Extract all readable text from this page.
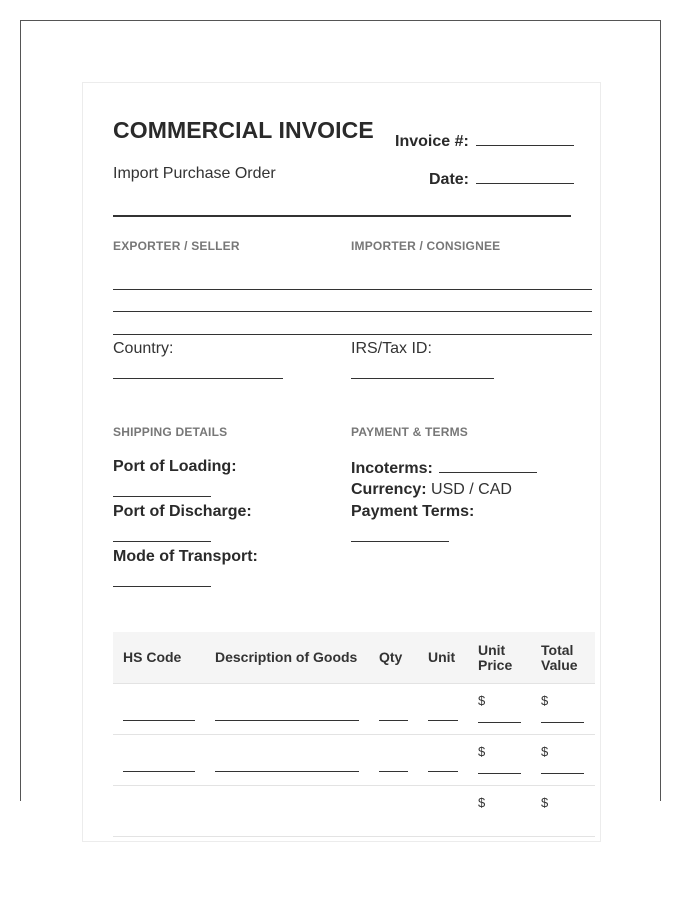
COMMERCIAL INVOICE
Import Purchase Order
Invoice #:
Date:
EXPORTER / SELLER	IMPORTER / CONSIGNEE
Country:	IRS/Tax ID:
SHIPPING DETAILS	PAYMENT & TERMS
Port of Loading:
Port of Discharge:
Mode of Transport:
Incoterms:
Currency: USD / CAD
Payment Terms:
HS Code	Description of Goods	Qty	Unit	Unit Price	Total Value

				$	$

				$	$

				$	$
